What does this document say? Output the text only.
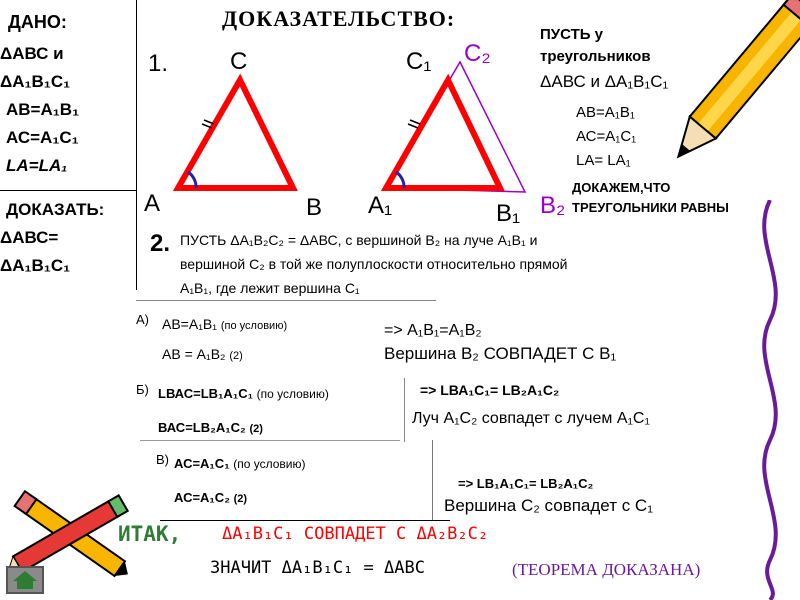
ДАНО:
ΔАВС и
ΔА₁В₁С₁
АВ=А₁В₁
АС=А₁С₁
LА=LА₁
ДОКАЗАТЬ:
ΔАВС=
ΔА₁В₁С₁
ДОКАЗАТЕЛЬСТВО:
1.	C
A	B
C₁ C₂
A₁	B₁ B₂
ПУСТЬ у
треугольников
ΔАВС и ΔА₁В₁С₁
АВ=А₁В₁
АС=А₁С₁
LА= LА₁
ДОКАЖЕМ,ЧТО
ТРЕУГОЛЬНИКИ РАВНЫ
2. ПУСТЬ ΔА₁В₂С₂ = ΔАВС, с вершиной В₂ на луче А₁В₁ и
вершиной С₂ в той же полуплоскости относительно прямой
А₁В₁, где лежит вершина С₁
А) АВ=А₁В₁ (по условию)
АВ = А₁В₂ (2)
=> А₁В₁=А₁В₂
Вершина В₂ СОВПАДЕТ С В₁
Б) LВАС=LВ₁А₁С₁ (по условию)
ВАС=LВ₂А₁С₂ (2)
=> LВА₁С₁= LВ₂А₁С₂
Луч А₁С₂ совпадет с лучем А₁С₁
В) АС=А₁С₁ (по условию)
АС=А₁С₂ (2)
=> LВ₁А₁С₁= LВ₂А₁С₂
Вершина С₂ совпадет с С₁
ИТАК, ΔА₁В₁С₁ СОВПАДЕТ С ΔА₂В₂С₂
ЗНАЧИТ ΔА₁В₁С₁ = ΔАВС	(ТЕОРЕМА ДОКАЗАНА)
